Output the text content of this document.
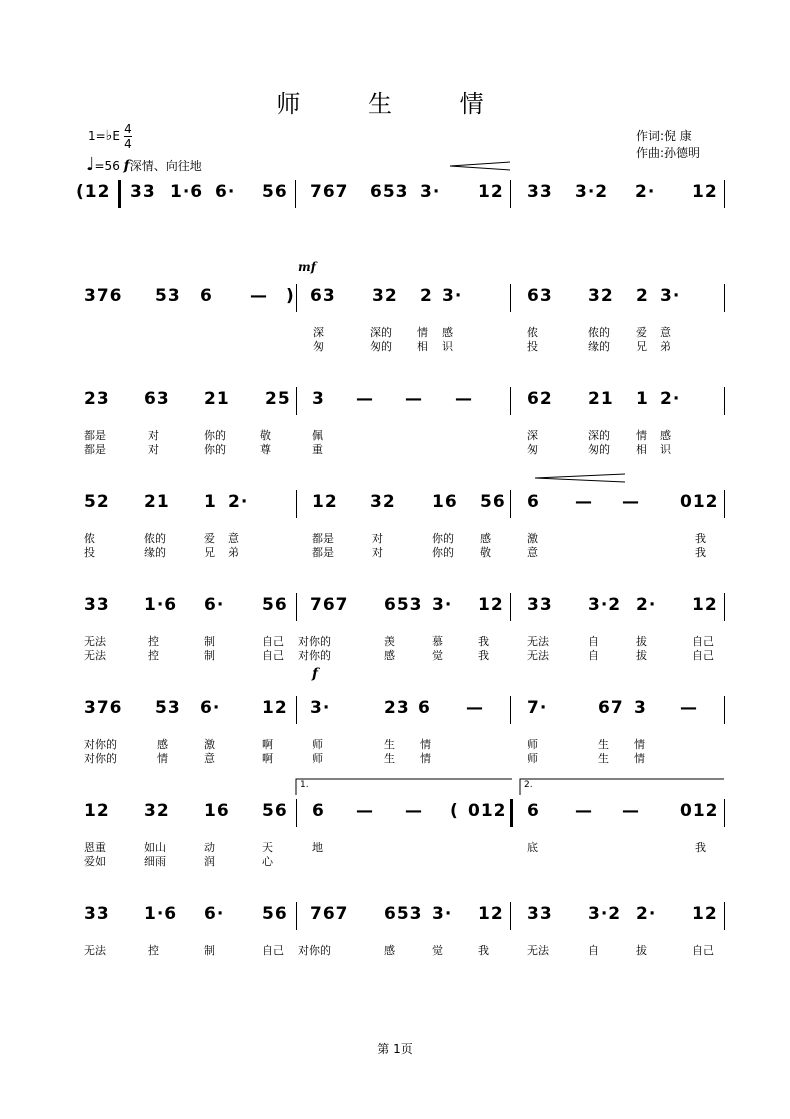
师 生 情
1=♭E 4
4
♩=56 f深情、向往地
作词:倪 康
作曲:孙德明
(12 33 1·6 6· 56 767 653 3· 12 33 3·2 2· 12
376 53 6 — )
mf
63 32 2 3·	63 32 2 3·
深	深的 情 感	侬	侬的 爱 意
匆	匆的 相 识	投	缘的 兄 弟
23 63 21 25 3 — — —	62 21 1 2·
都是	对	你的	敬	佩	深	深的 情 感
都是	对	你的	尊	重	匆	匆的 相 识
52 21 1 2·	12 32 16 56 6 — — 012
侬	侬的	爱 意	都是	对	你的 感	激	我
投	缘的	兄 弟	都是	对	你的 敬	意	我
33 1·6 6· 56 767 653 3· 12 33 3·2 2· 12
无法	控	制	自己 对你的	羡	慕	我	无法	自	拔	自己
无法	控	制	自己 对你的	感	觉	我	无法	自	拔	自己
376 53 6· 12
f
3·	23 6 —	7·	67 3 —
对你的	感	激	啊	师	生 情	师	生 情
对你的	情	意	啊	师	生 情	师	生 情
1.	2.
12 32 16 56 6 — — ( 012 6 — — 012
恩重	如山	动	天	地	底	我
爱如	细雨	润	心
33 1·6 6· 56 767 653 3· 12 33 3·2 2· 12
无法	控	制	自己 对你的	感	觉	我	无法	自	拔	自己
第 1页
